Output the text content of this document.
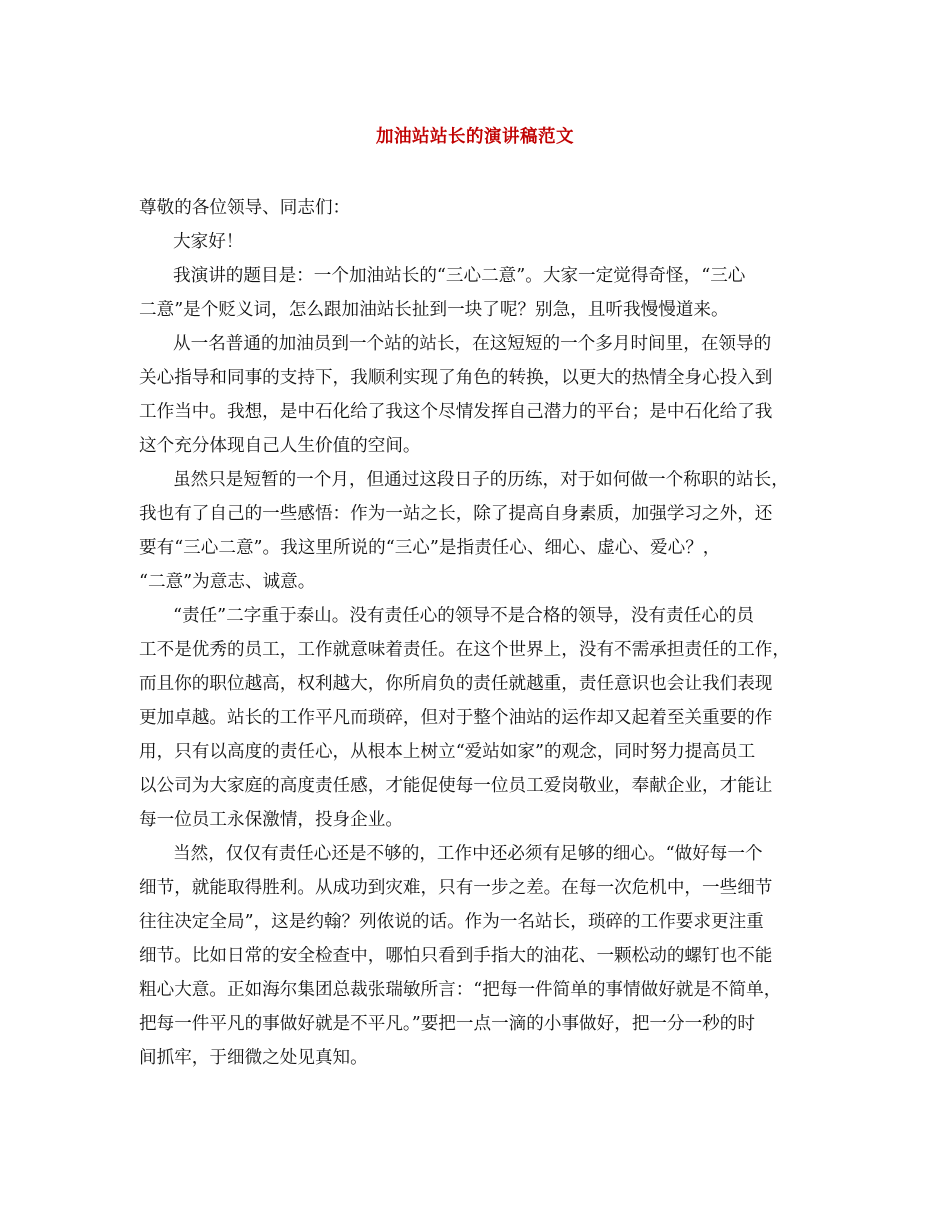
加油站站长的演讲稿范文
尊敬的各位领导、同志们：
大家好！
我演讲的题目是：一个加油站长的“三心二意”。大家一定觉得奇怪，“三心
二意”是个贬义词，怎么跟加油站长扯到一块了呢？别急，且听我慢慢道来。
从一名普通的加油员到一个站的站长，在这短短的一个多月时间里，在领导的
关心指导和同事的支持下，我顺利实现了角色的转换，以更大的热情全身心投入到
工作当中。我想，是中石化给了我这个尽情发挥自己潜力的平台；是中石化给了我
这个充分体现自己人生价值的空间。
虽然只是短暂的一个月，但通过这段日子的历练，对于如何做一个称职的站长，
我也有了自己的一些感悟：作为一站之长，除了提高自身素质，加强学习之外，还
要有“三心二意”。我这里所说的“三心”是指责任心、细心、虚心、爱心？，
“二意”为意志、诚意。
“责任”二字重于泰山。没有责任心的领导不是合格的领导，没有责任心的员
工不是优秀的员工，工作就意味着责任。在这个世界上，没有不需承担责任的工作，
而且你的职位越高，权利越大，你所肩负的责任就越重，责任意识也会让我们表现
更加卓越。站长的工作平凡而琐碎，但对于整个油站的运作却又起着至关重要的作
用，只有以高度的责任心，从根本上树立“爱站如家”的观念，同时努力提高员工
以公司为大家庭的高度责任感，才能促使每一位员工爱岗敬业，奉献企业，才能让
每一位员工永保激情，投身企业。
当然，仅仅有责任心还是不够的，工作中还必须有足够的细心。“做好每一个
细节，就能取得胜利。从成功到灾难，只有一步之差。在每一次危机中，一些细节
往往决定全局”，这是约翰？列侬说的话。作为一名站长，琐碎的工作要求更注重
细节。比如日常的安全检查中，哪怕只看到手指大的油花、一颗松动的螺钉也不能
粗心大意。正如海尔集团总裁张瑞敏所言：“把每一件简单的事情做好就是不简单，
把每一件平凡的事做好就是不平凡。”要把一点一滴的小事做好，把一分一秒的时
间抓牢，于细微之处见真知。
